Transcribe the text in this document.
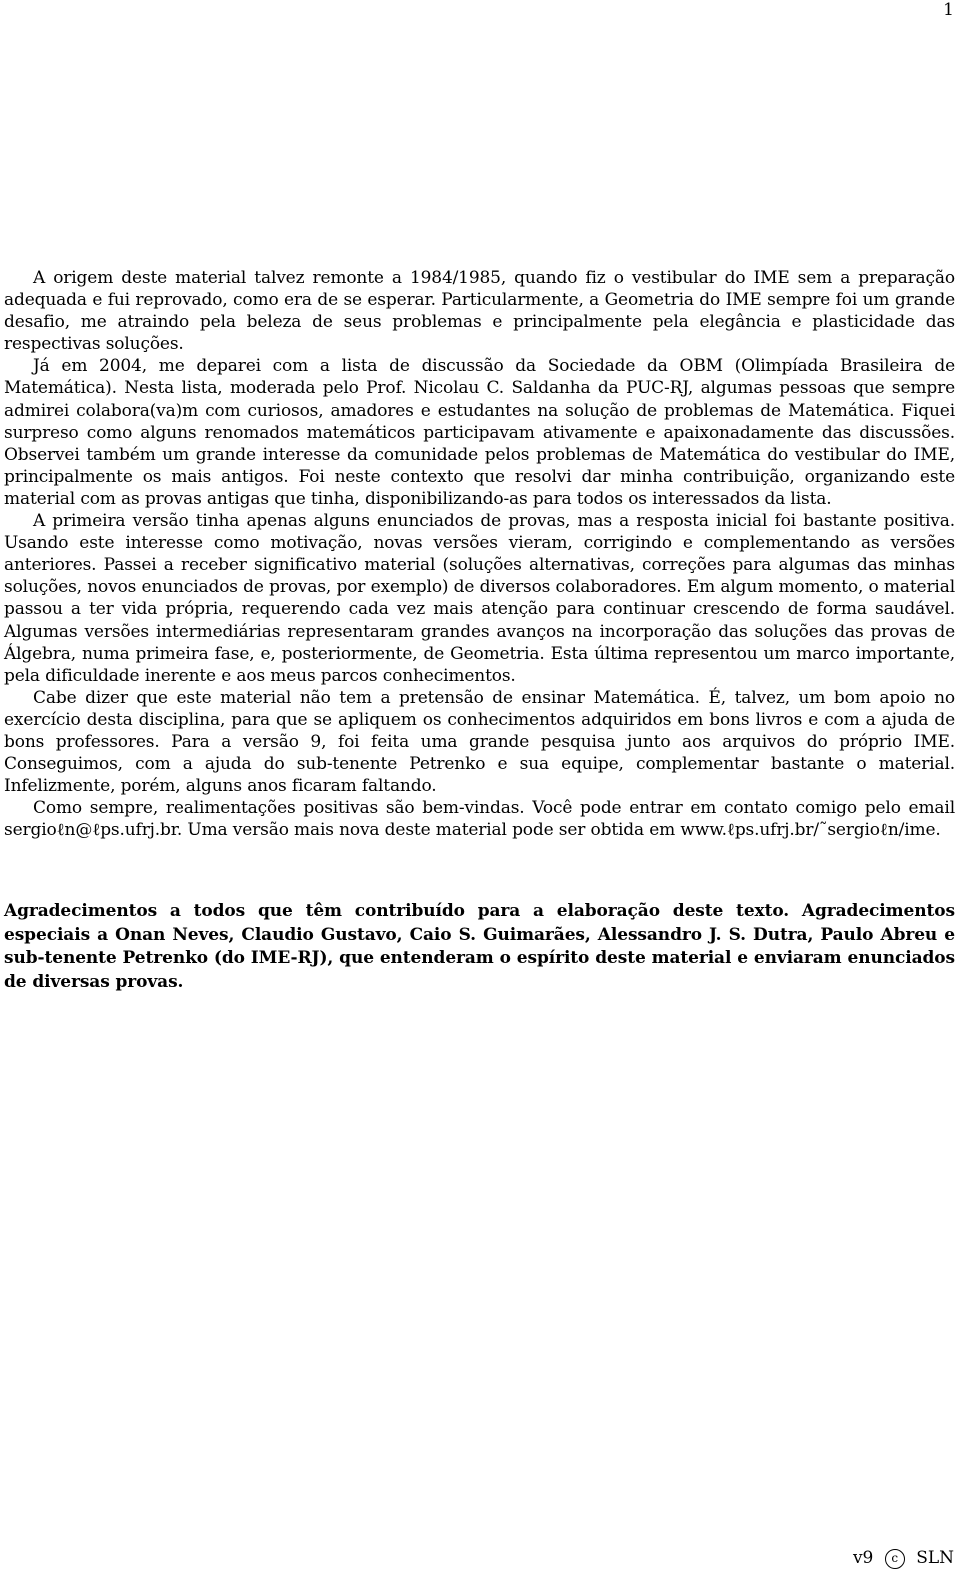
1

A origem deste material talvez remonte a 1984/1985, quando fiz o vestibular do IME sem a preparação adequada e fui reprovado, como era de se esperar. Particularmente, a Geometria do IME sempre foi um grande desafio, me atraindo pela beleza de seus problemas e principalmente pela elegância e plasticidade das respectivas soluções.

Já em 2004, me deparei com a lista de discussão da Sociedade da OBM (Olimpíada Brasileira de Matemática). Nesta lista, moderada pelo Prof. Nicolau C. Saldanha da PUC-RJ, algumas pessoas que sempre admirei colabora(va)m com curiosos, amadores e estudantes na solução de problemas de Matemática. Fiquei surpreso como alguns renomados matemáticos participavam ativamente e apaixonadamente das discussões. Observei também um grande interesse da comunidade pelos problemas de Matemática do vestibular do IME, principalmente os mais antigos. Foi neste contexto que resolvi dar minha contribuição, organizando este material com as provas antigas que tinha, disponibilizando-as para todos os interessados da lista.

A primeira versão tinha apenas alguns enunciados de provas, mas a resposta inicial foi bastante positiva. Usando este interesse como motivação, novas versões vieram, corrigindo e complementando as versões anteriores. Passei a receber significativo material (soluções alternativas, correções para algumas das minhas soluções, novos enunciados de provas, por exemplo) de diversos colaboradores. Em algum momento, o material passou a ter vida própria, requerendo cada vez mais atenção para continuar crescendo de forma saudável. Algumas versões intermediárias representaram grandes avanços na incorporação das soluções das provas de Álgebra, numa primeira fase, e, posteriormente, de Geometria. Esta última representou um marco importante, pela dificuldade inerente e aos meus parcos conhecimentos.

Cabe dizer que este material não tem a pretensão de ensinar Matemática. É, talvez, um bom apoio no exercício desta disciplina, para que se apliquem os conhecimentos adquiridos em bons livros e com a ajuda de bons professores. Para a versão 9, foi feita uma grande pesquisa junto aos arquivos do próprio IME. Conseguimos, com a ajuda do sub-tenente Petrenko e sua equipe, complementar bastante o material. Infelizmente, porém, alguns anos ficaram faltando.

Como sempre, realimentações positivas são bem-vindas. Você pode entrar em contato comigo pelo email sergioℓn@ℓps.ufrj.br. Uma versão mais nova deste material pode ser obtida em www.ℓps.ufrj.br/˜sergioℓn/ime.

Agradecimentos a todos que têm contribuído para a elaboração deste texto. Agradecimentos especiais a Onan Neves, Claudio Gustavo, Caio S. Guimarães, Alessandro J. S. Dutra, Paulo Abreu e sub-tenente Petrenko (do IME-RJ), que entenderam o espírito deste material e enviaram enunciados de diversas provas.

v9 c SLN
